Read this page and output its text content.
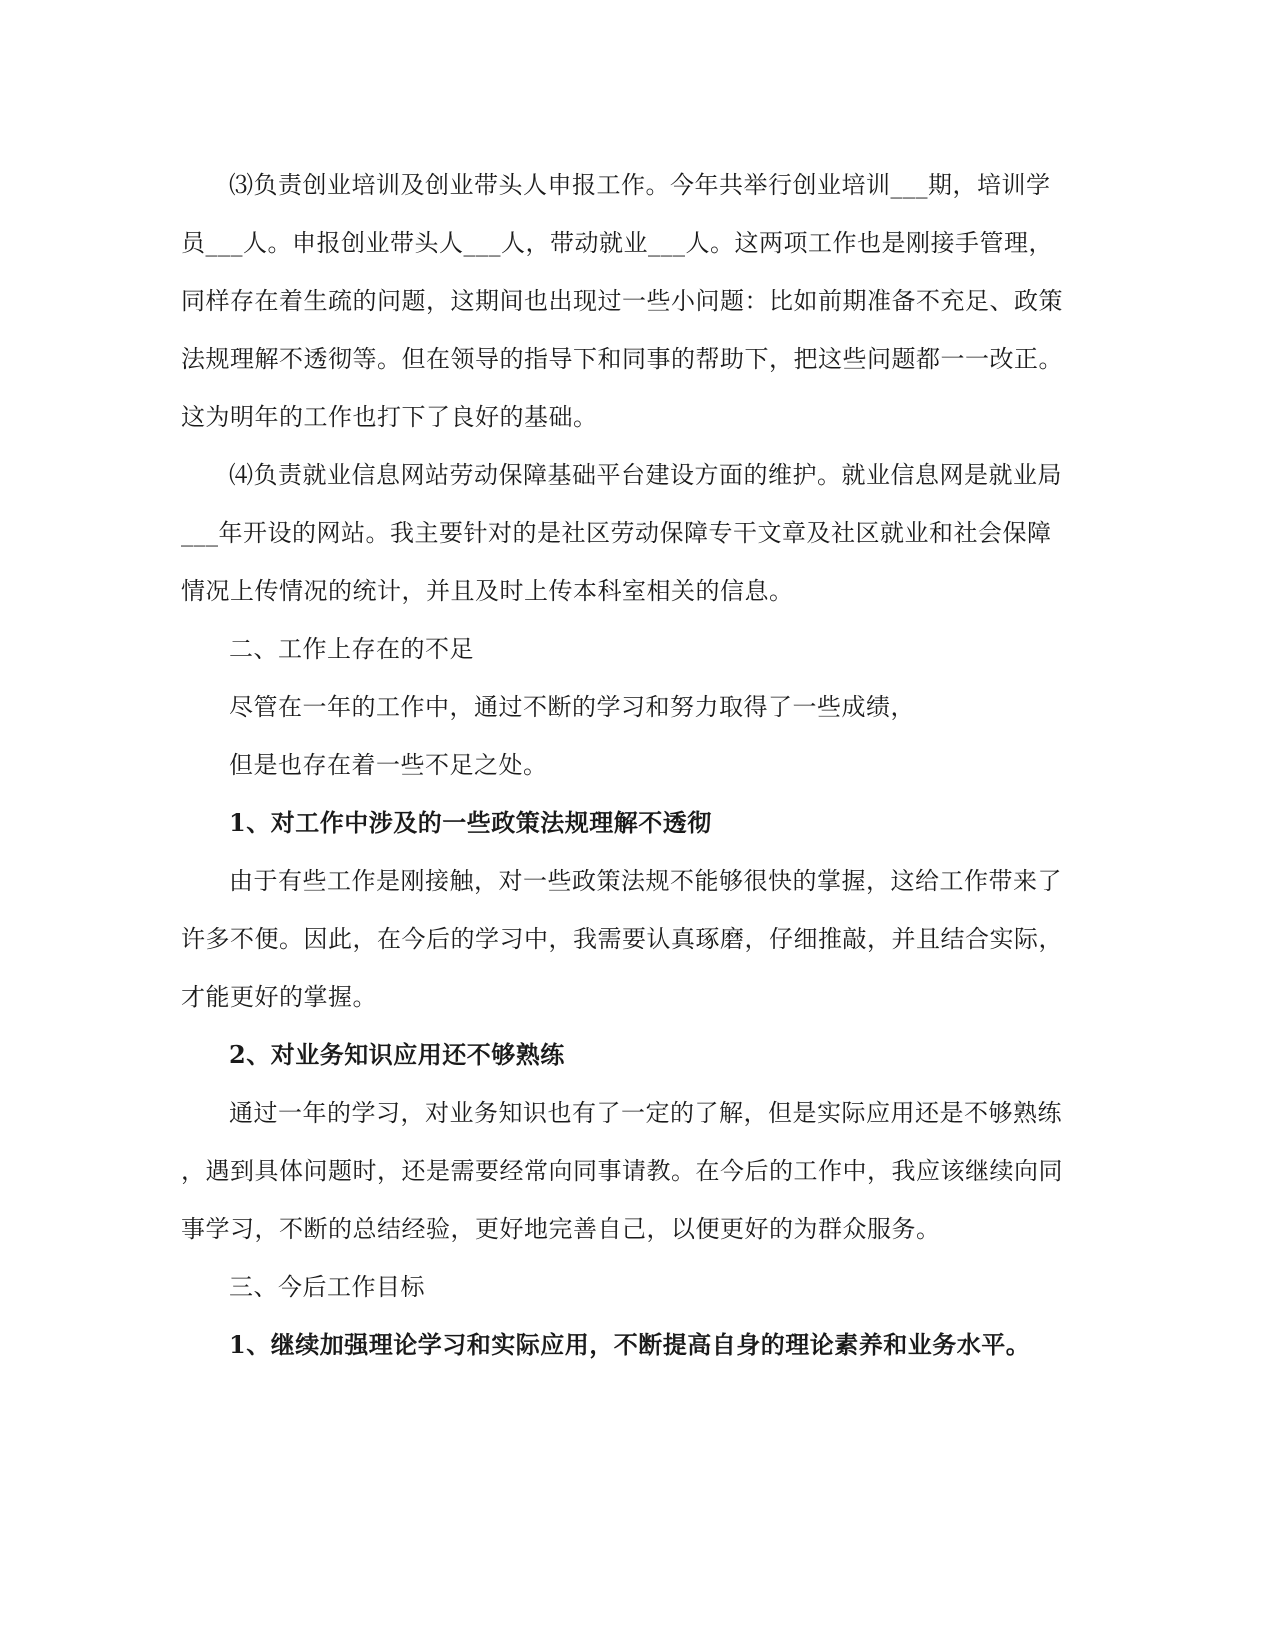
⑶负责创业培训及创业带头人申报工作。今年共举行创业培训___期，培训学
员___人。申报创业带头人___人，带动就业___人。这两项工作也是刚接手管理，
同样存在着生疏的问题，这期间也出现过一些小问题：比如前期准备不充足、政策
法规理解不透彻等。但在领导的指导下和同事的帮助下，把这些问题都一一改正。
这为明年的工作也打下了良好的基础。
⑷负责就业信息网站劳动保障基础平台建设方面的维护。就业信息网是就业局
___年开设的网站。我主要针对的是社区劳动保障专干文章及社区就业和社会保障
情况上传情况的统计，并且及时上传本科室相关的信息。

二、工作上存在的不足

尽管在一年的工作中，通过不断的学习和努力取得了一些成绩，
但是也存在着一些不足之处。

1、对工作中涉及的一些政策法规理解不透彻

由于有些工作是刚接触，对一些政策法规不能够很快的掌握，这给工作带来了
许多不便。因此，在今后的学习中，我需要认真琢磨，仔细推敲，并且结合实际，
才能更好的掌握。

2、对业务知识应用还不够熟练

通过一年的学习，对业务知识也有了一定的了解，但是实际应用还是不够熟练
，遇到具体问题时，还是需要经常向同事请教。在今后的工作中，我应该继续向同
事学习，不断的总结经验，更好地完善自己，以便更好的为群众服务。

三、今后工作目标

1、继续加强理论学习和实际应用，不断提高自身的理论素养和业务水平。
